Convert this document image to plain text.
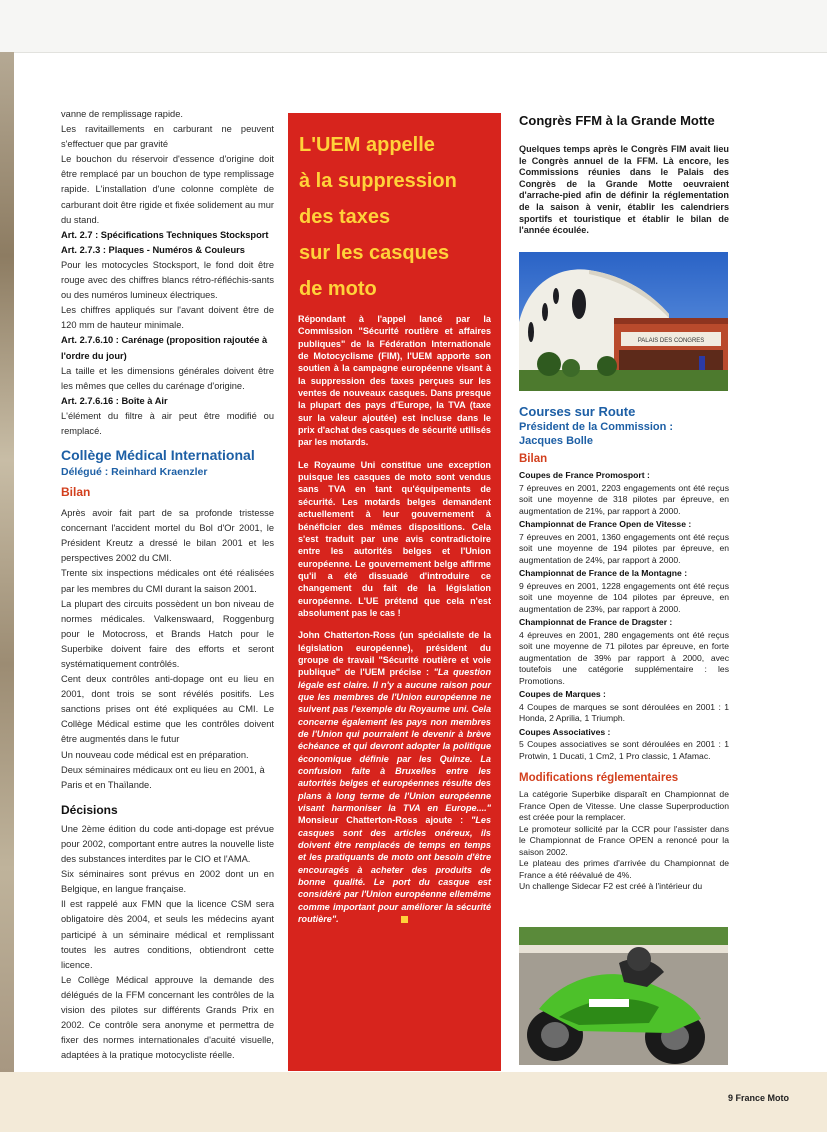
vanne de remplissage rapide.

Les ravitaillements en carburant ne peuvent s'effectuer que par gravité

Le bouchon du réservoir d'essence d'origine doit être remplacé par un bouchon de type remplissage rapide. L'installation d'une colonne complète de carburant doit être rigide et fixée solidement au mur du stand.

Art. 2.7 : Spécifications Techniques Stocksport

Art. 2.7.3 : Plaques - Numéros & Couleurs

Pour les motocycles Stocksport, le fond doit être rouge avec des chiffres blancs rétro-réfléchis-sants ou des numéros lumineux électriques.

Les chiffres appliqués sur l'avant doivent être de 120 mm de hauteur minimale.

Art. 2.7.6.10 : Carénage (proposition rajoutée à l'ordre du jour)

La taille et les dimensions générales doivent être les mêmes que celles du carénage d'origine.

Art. 2.7.6.16 : Boîte à Air

L'élément du filtre à air peut être modifié ou remplacé.

Collège Médical International
Délégué : Reinhard Kraenzler
Bilan

Après avoir fait part de sa profonde tristesse concernant l'accident mortel du Bol d'Or 2001, le Président Kreutz a dressé le bilan 2001 et les perspectives 2002 du CMI.

Trente six inspections médicales ont été réalisées par les membres du CMI durant la saison 2001.

La plupart des circuits possèdent un bon niveau de normes médicales. Valkenswaard, Roggenburg pour le Motocross, et Brands Hatch pour le Superbike doivent faire des efforts et seront systématiquement contrôlés.

Cent deux contrôles anti-dopage ont eu lieu en 2001, dont trois se sont révélés positifs. Les sanctions prises ont été expliquées au CMI. Le Collège Médical estime que les contrôles doivent être augmentés dans le futur

Un nouveau code médical est en préparation.

Deux séminaires médicaux ont eu lieu en 2001, à Paris et en Thaïlande.

Décisions

Une 2ème édition du code anti-dopage est prévue pour 2002, comportant entre autres la nouvelle liste des substances interdites par le CIO et l'AMA.

Six séminaires sont prévus en 2002 dont un en Belgique, en langue française.

Il est rappelé aux FMN que la licence CSM sera obligatoire dès 2004, et seuls les médecins ayant participé à un séminaire médical et remplissant toutes les autres conditions, obtiendront cette licence.

Le Collège Médical approuve la demande des délégués de la FFM concernant les contrôles de la vision des pilotes sur différents Grands Prix en 2002. Ce contrôle sera anonyme et permettra de fixer des normes internationales d'acuité visuelle, adaptées à la pratique motocycliste réelle.

L'UEM appelle
à la suppression
des taxes
sur les casques
de moto

Répondant à l'appel lancé par la Commission "Sécurité routière et affaires publiques" de la Fédération Internationale de Motocyclisme (FIM), l'UEM apporte son soutien à la campagne européenne visant à la suppression des taxes perçues sur les ventes de nouveaux casques. Dans presque la plupart des pays d'Europe, la TVA (taxe sur la valeur ajoutée) est incluse dans le prix d'achat des casques de sécurité utilisés par les motards.

Le Royaume Uni constitue une exception puisque les casques de moto sont vendus sans TVA en tant qu'équipements de sécurité. Les motards belges demandent actuellement à leur gouvernement à bénéficier des mêmes dispositions. Cela s'est traduit par une avis contradictoire entre les autorités belges et l'Union européenne. Le gouvernement belge affirme qu'il a été dissuadé d'introduire ce changement du fait de la législation européenne. L'UE prétend que cela n'est absolument pas le cas !

John Chatterton-Ross (un spécialiste de la législation européenne), président du groupe de travail "Sécurité routière et voie publique" de l'UEM précise : "La question légale est claire. Il n'y a aucune raison pour que les membres de l'Union européenne ne suivent pas l'exemple du Royaume uni. Cela concerne également les pays non membres de l'Union qui pourraient le devenir à brève échéance et qui devront adopter la politique économique définie par les Quinze. La confusion faite à Bruxelles entre les autorités belges et européennes résulte des plans à long terme de l'Union européenne visant harmoniser la TVA en Europe...." Monsieur Chatterton-Ross ajoute : "Les casques sont des articles onéreux, ils doivent être remplacés de temps en temps et les pratiquants de moto ont besoin d'être encouragés à acheter des produits de bonne qualité. Le port du casque est considéré par l'Union européenne ellemême comme important pour améliorer la sécurité routière".

Congrès FFM à la Grande Motte

Quelques temps après le Congrès FIM avait lieu le Congrès annuel de la FFM. Là encore, les Commissions réunies dans le Palais des Congrès de la Grande Motte oeuvraient d'arrache-pied afin de définir la réglementation de la saison à venir, établir les calendriers sportifs et touristique et établir le bilan de l'année écoulée.

PALAIS DES CONGRES
Courses sur Route
Président de la Commission :
Jacques Bolle
Bilan
Coupes de France Promosport :

7 épreuves en 2001, 2203 engagements ont été reçus soit une moyenne de 318 pilotes par épreuve, en augmentation de 21%, par rapport à 2000.

Championnat de France Open de Vitesse :

7 épreuves en 2001, 1360 engagements ont été reçus soit une moyenne de 194 pilotes par épreuve, en augmentation de 24%, par rapport à 2000.

Championnat de France de la Montagne :

9 épreuves en 2001, 1228 engagements ont été reçus soit une moyenne de 104 pilotes par épreuve, en augmentation de 23%, par rapport à 2000.

Championnat de France de Dragster :

4 épreuves en 2001, 280 engagements ont été reçus soit une moyenne de 71 pilotes par épreuve, en forte augmentation de 39% par rapport à 2000, avec toutefois une catégorie supplémentaire : les Promotions.

Coupes de Marques :

4 Coupes de marques se sont déroulées en 2001 : 1 Honda, 2 Aprilia, 1 Triumph.

Coupes Associatives :

5 Coupes associatives se sont déroulées en 2001 : 1 Protwin, 1 Ducati, 1 Cm2, 1 Pro classic, 1 Afamac.

Modifications réglementaires

La catégorie Superbike disparaît en Championnat de France Open de Vitesse. Une classe Superproduction est créée pour la remplacer.

Le promoteur sollicité par la CCR pour l'assister dans le Championnat de France OPEN a renoncé pour la saison 2002.

Le plateau des primes d'arrivée du Championnat de France a été réévalué de 4%.

Un challenge Sidecar F2 est créé à l'intérieur du

9 France Moto
